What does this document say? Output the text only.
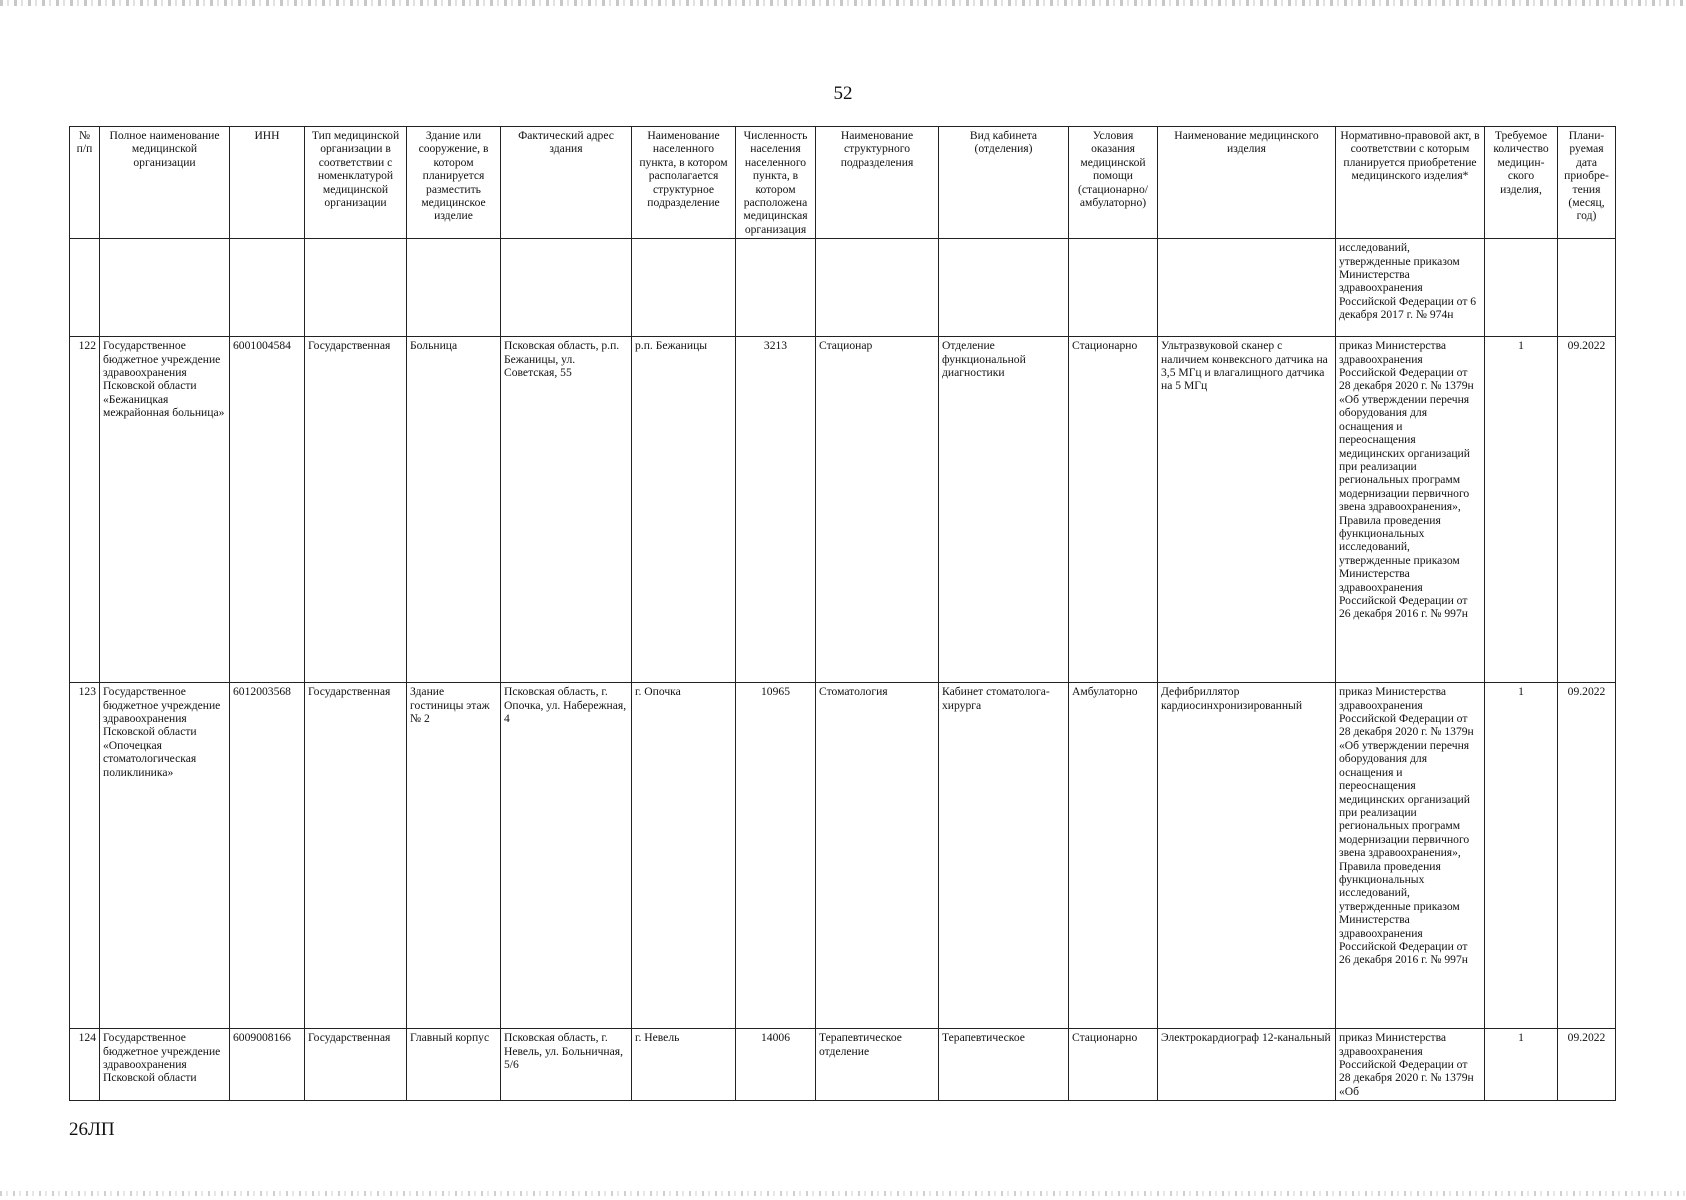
52
№ п/п	Полное наименование медицинской организации	ИНН	Тип медицинской организации в соответствии с номенклатурой медицинской организации	Здание или сооружение, в котором планируется разместить медицинское изделие	Фактический адрес здания	Наименование населенного пункта, в котором располагается структурное подразделение	Численность населения населенного пункта, в котором расположена медицинская организация	Наименование структурного подразделения	Вид кабинета (отделения)	Условия оказания медицинской помощи (стационарно/ амбулаторно)	Наименование медицинского изделия	Нормативно-правовой акт, в соответствии с которым планируется приобретение медицинского изделия*	Требуемое количество медицин-ского изделия,	Плани-руемая дата приобре-тения (месяц, год)
												исследований, утвержденные приказом Министерства здравоохранения Российской Федерации от 6 декабря 2017 г. № 974н		
122	Государственное бюджетное учреждение здравоохранения Псковской области «Бежаницкая межрайонная больница»	6001004584	Государственная	Больница	Псковская область, р.п. Бежаницы, ул. Советская, 55	р.п. Бежаницы	3213	Стационар	Отделение функциональной диагностики	Стационарно	Ультразвуковой сканер с наличием конвексного датчика на 3,5 МГц и влагалищного датчика на 5 МГц	приказ Министерства здравоохранения Российской Федерации от 28 декабря 2020 г. № 1379н «Об утверждении перечня оборудования для оснащения и переоснащения медицинских организаций при реализации региональных программ модернизации первичного звена здравоохранения», Правила проведения функциональных исследований, утвержденные приказом Министерства здравоохранения Российской Федерации от 26 декабря 2016 г. № 997н	1	09.2022
123	Государственное бюджетное учреждение здравоохранения Псковской области «Опочецкая стоматологическая поликлиника»	6012003568	Государственная	Здание гостиницы этаж № 2	Псковская область, г. Опочка, ул. Набережная, 4	г. Опочка	10965	Стоматология	Кабинет стоматолога-хирурга	Амбулаторно	Дефибриллятор кардиосинхронизированный	приказ Министерства здравоохранения Российской Федерации от 28 декабря 2020 г. № 1379н «Об утверждении перечня оборудования для оснащения и переоснащения медицинских организаций при реализации региональных программ модернизации первичного звена здравоохранения», Правила проведения функциональных исследований, утвержденные приказом Министерства здравоохранения Российской Федерации от 26 декабря 2016 г. № 997н	1	09.2022
124	Государственное бюджетное учреждение здравоохранения Псковской области	6009008166	Государственная	Главный корпус	Псковская область, г. Невель, ул. Больничная, 5/6	г. Невель	14006	Терапевтическое отделение	Терапевтическое	Стационарно	Электрокардиограф 12-канальный	приказ Министерства здравоохранения Российской Федерации от 28 декабря 2020 г. № 1379н «Об	1	09.2022
26ЛП
